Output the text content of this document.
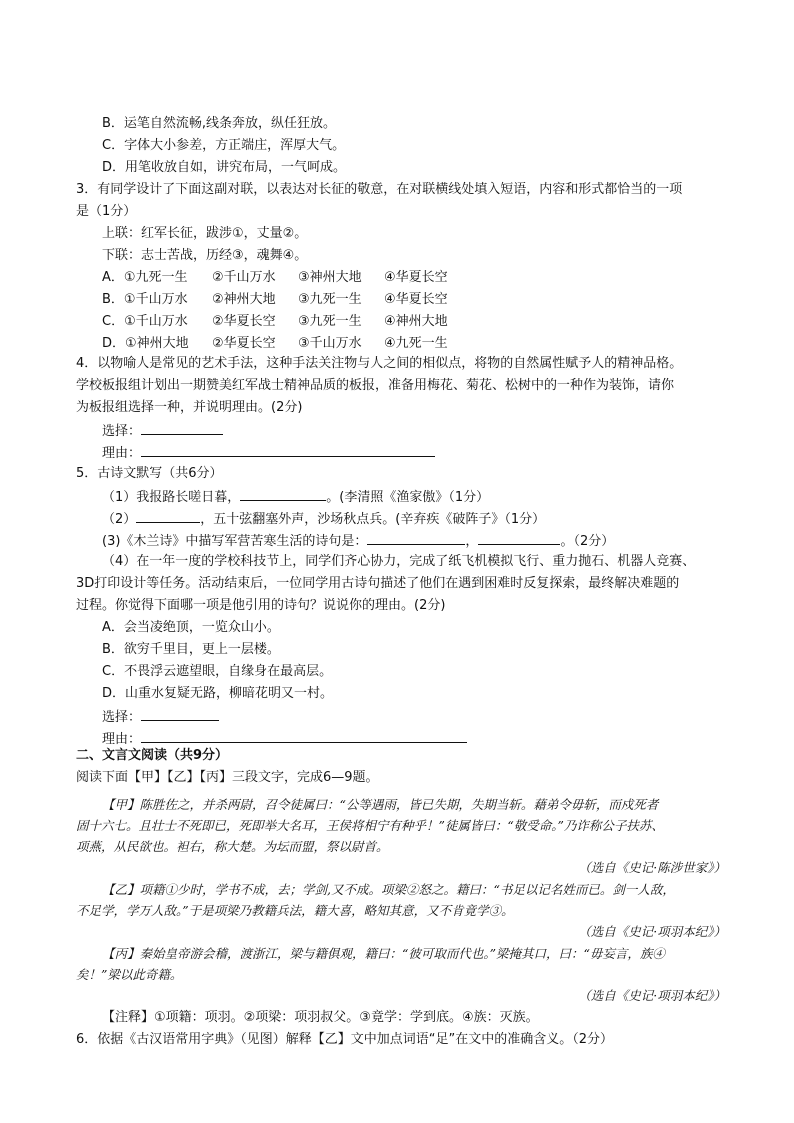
B．运笔自然流畅,线条奔放，纵任狂放。
C．字体大小参差，方正端庄，浑厚大气。
D．用笔收放自如，讲究布局，一气呵成。
3．有同学设计了下面这副对联，以表达对长征的敬意，在对联横线处填入短语，内容和形式都恰当的一项
是（1分）
上联：红军长征，跋涉①，丈量②。
下联：志士苦战，历经③，魂舞④。
A．①九死一生 ②千山万水 ③神州大地 ④华夏长空
B．①千山万水 ②神州大地 ③九死一生 ④华夏长空
C．①千山万水 ②华夏长空 ③九死一生 ④神州大地
D．①神州大地 ②华夏长空 ③千山万水 ④九死一生
4．以物喻人是常见的艺术手法，这种手法关注物与人之间的相似点，将物的自然属性赋予人的精神品格。
学校板报组计划出一期赞美红军战士精神品质的板报，准备用梅花、菊花、松树中的一种作为装饰，请你
为板报组选择一种，并说明理由。(2分)
选择：
理由：
5．古诗文默写（共6分）
（1）我报路长嗟日暮，	。(李清照《渔家傲》（1分）
（2）	，五十弦翻塞外声，沙场秋点兵。(辛弃疾《破阵子》（1分）
(3)《木兰诗》中描写军营苦寒生活的诗句是：	，	。（2分）
（4）在一年一度的学校科技节上，同学们齐心协力，完成了纸飞机模拟飞行、重力抛石、机器人竞赛、
3D打印设计等任务。活动结束后，一位同学用古诗句描述了他们在遇到困难时反复探索，最终解决难题的
过程。你觉得下面哪一项是他引用的诗句？说说你的理由。(2分)
A．会当凌绝顶，一览众山小。
B．欲穷千里目，更上一层楼。
C．不畏浮云遮望眼，自缘身在最高层。
D．山重水复疑无路，柳暗花明又一村。
选择：
理由：
二、文言文阅读（共9分）
阅读下面【甲】【乙】【丙】三段文字，完成6—9题。
【甲】陈胜佐之，并杀两尉，召令徒属曰：“公等遇雨，皆已失期，失期当斩。藉弟令毋斩，而戍死者
固十六七。且壮士不死即已，死即举大名耳，王侯将相宁有种乎！”徒属皆曰：“敬受命。”乃诈称公子扶苏、
项燕，从民欲也。袒右，称大楚。为坛而盟，祭以尉首。
（选自《史记·陈涉世家》）
【乙】项籍①少时，学书不成，去；学剑,又不成。项梁②怒之。籍曰：“书足以记名姓而已。剑一人敌，
不足学，学万人敌。”于是项梁乃教籍兵法，籍大喜，略知其意，又不肯竟学③。
（选自《史记·项羽本纪》）
【丙】秦始皇帝游会稽，渡浙江，梁与籍俱观，籍曰：“彼可取而代也。”梁掩其口，曰：“毋妄言，族④
矣！”梁以此奇籍。
（选自《史记·项羽本纪》）
【注释】①项籍：项羽。②项梁：项羽叔父。③竟学：学到底。④族：灭族。
6．依据《古汉语常用字典》（见图）解释【乙】文中加点词语“足”在文中的准确含义。（2分）
